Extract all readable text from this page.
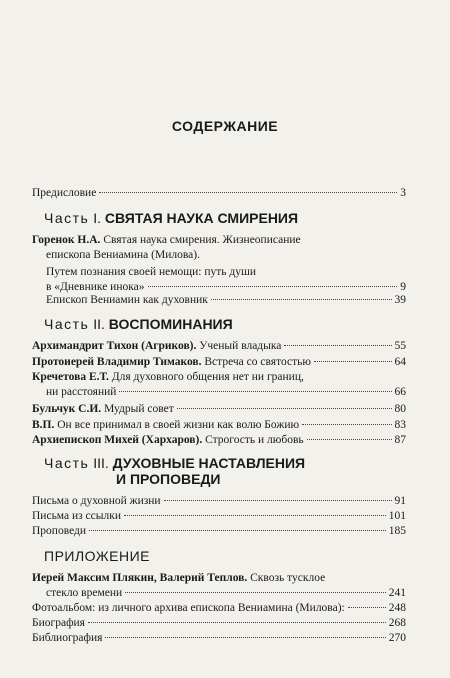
СОДЕРЖАНИЕ
Предисловие	3
Часть I. СВЯТАЯ НАУКА СМИРЕНИЯ
Горенок Н.А. Святая наука смирения. Жизнеописание
епископа Вениамина (Милова).
Путем познания своей немощи: путь души
в «Дневнике инока»	9
Епископ Вениамин как духовник	39
Часть II. ВОСПОМИНАНИЯ
Архимандрит Тихон (Агриков). Ученый владыка	55
Протоиерей Владимир Тимаков. Встреча со святостью	64
Кречетова Е.Т. Для духовного общения нет ни границ,
ни расстояний	66
Бульчук С.И. Мудрый совет	80
В.П. Он все принимал в своей жизни как волю Божию	83
Архиепископ Михей (Хархаров). Строгость и любовь	87
Часть III. ДУХОВНЫЕ НАСТАВЛЕНИЯ
И ПРОПОВЕДИ
Письма о духовной жизни	91
Письма из ссылки	101
Проповеди	185
ПРИЛОЖЕНИЕ
Иерей Максим Плякин, Валерий Теплов. Сквозь тусклое
стекло времени	241
Фотоальбом: из личного архива епископа Вениамина (Милова):	248
Биография	268
Библиография	270
